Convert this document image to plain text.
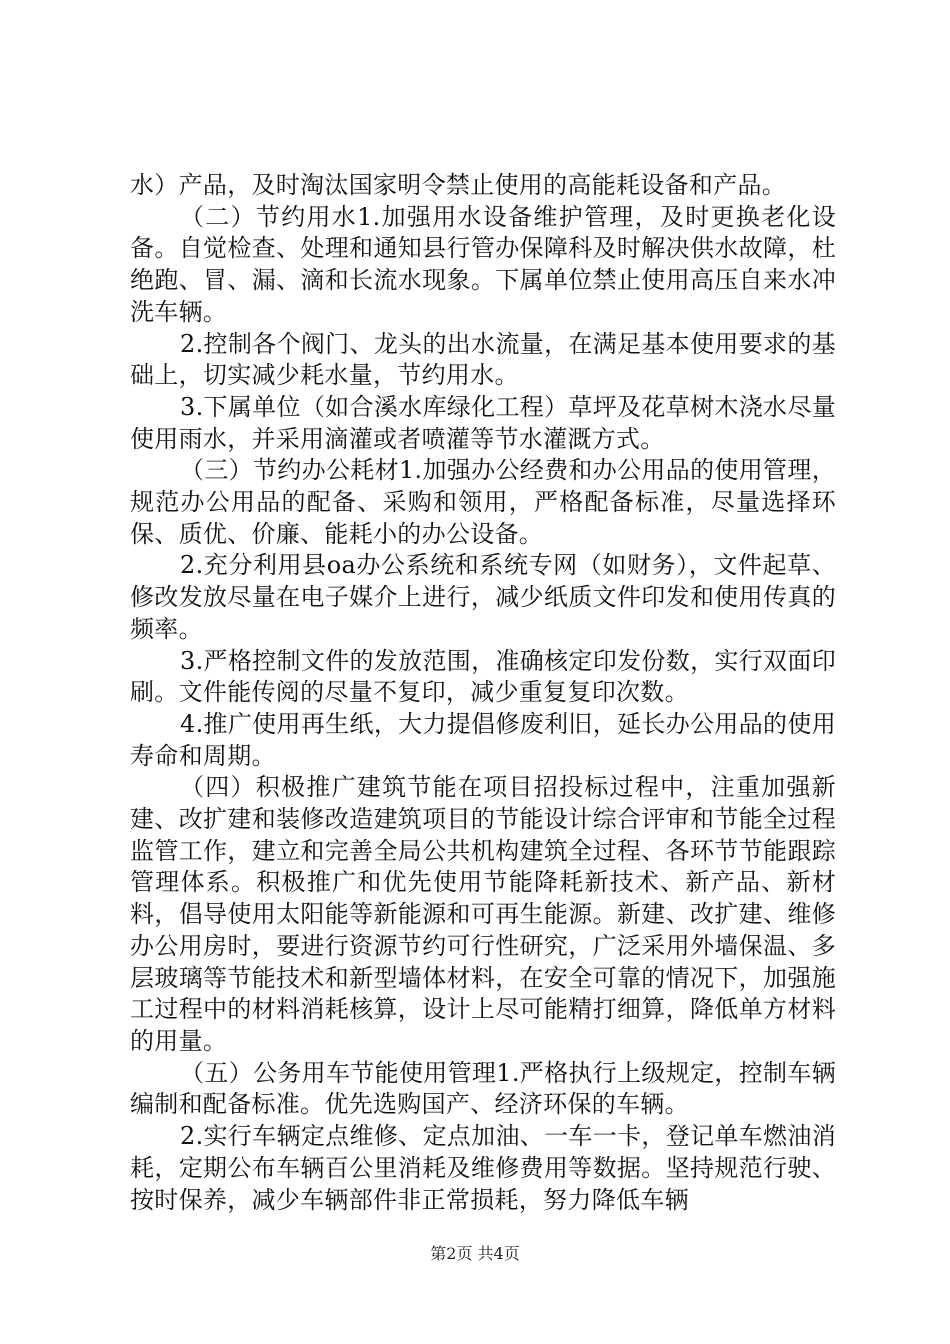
水）产品，及时淘汰国家明令禁止使用的高能耗设备和产品。

（二）节约用水1.加强用水设备维护管理，及时更换老化设备。自觉检查、处理和通知县行管办保障科及时解决供水故障，杜绝跑、冒、漏、滴和长流水现象。下属单位禁止使用高压自来水冲洗车辆。

2.控制各个阀门、龙头的出水流量，在满足基本使用要求的基础上，切实减少耗水量，节约用水。

3.下属单位（如合溪水库绿化工程）草坪及花草树木浇水尽量使用雨水，并采用滴灌或者喷灌等节水灌溉方式。

（三）节约办公耗材1.加强办公经费和办公用品的使用管理，规范办公用品的配备、采购和领用，严格配备标准，尽量选择环保、质优、价廉、能耗小的办公设备。

2.充分利用县oa办公系统和系统专网（如财务），文件起草、修改发放尽量在电子媒介上进行，减少纸质文件印发和使用传真的频率。

3.严格控制文件的发放范围，准确核定印发份数，实行双面印刷。文件能传阅的尽量不复印，减少重复复印次数。

4.推广使用再生纸，大力提倡修废利旧，延长办公用品的使用寿命和周期。

（四）积极推广建筑节能在项目招投标过程中，注重加强新建、改扩建和装修改造建筑项目的节能设计综合评审和节能全过程监管工作，建立和完善全局公共机构建筑全过程、各环节节能跟踪管理体系。积极推广和优先使用节能降耗新技术、新产品、新材料，倡导使用太阳能等新能源和可再生能源。新建、改扩建、维修办公用房时，要进行资源节约可行性研究，广泛采用外墙保温、多层玻璃等节能技术和新型墙体材料，在安全可靠的情况下，加强施工过程中的材料消耗核算，设计上尽可能精打细算，降低单方材料的用量。

（五）公务用车节能使用管理1.严格执行上级规定，控制车辆编制和配备标准。优先选购国产、经济环保的车辆。

2.实行车辆定点维修、定点加油、一车一卡，登记单车燃油消耗，定期公布车辆百公里消耗及维修费用等数据。坚持规范行驶、按时保养，减少车辆部件非正常损耗，努力降低车辆

第2页 共4页
